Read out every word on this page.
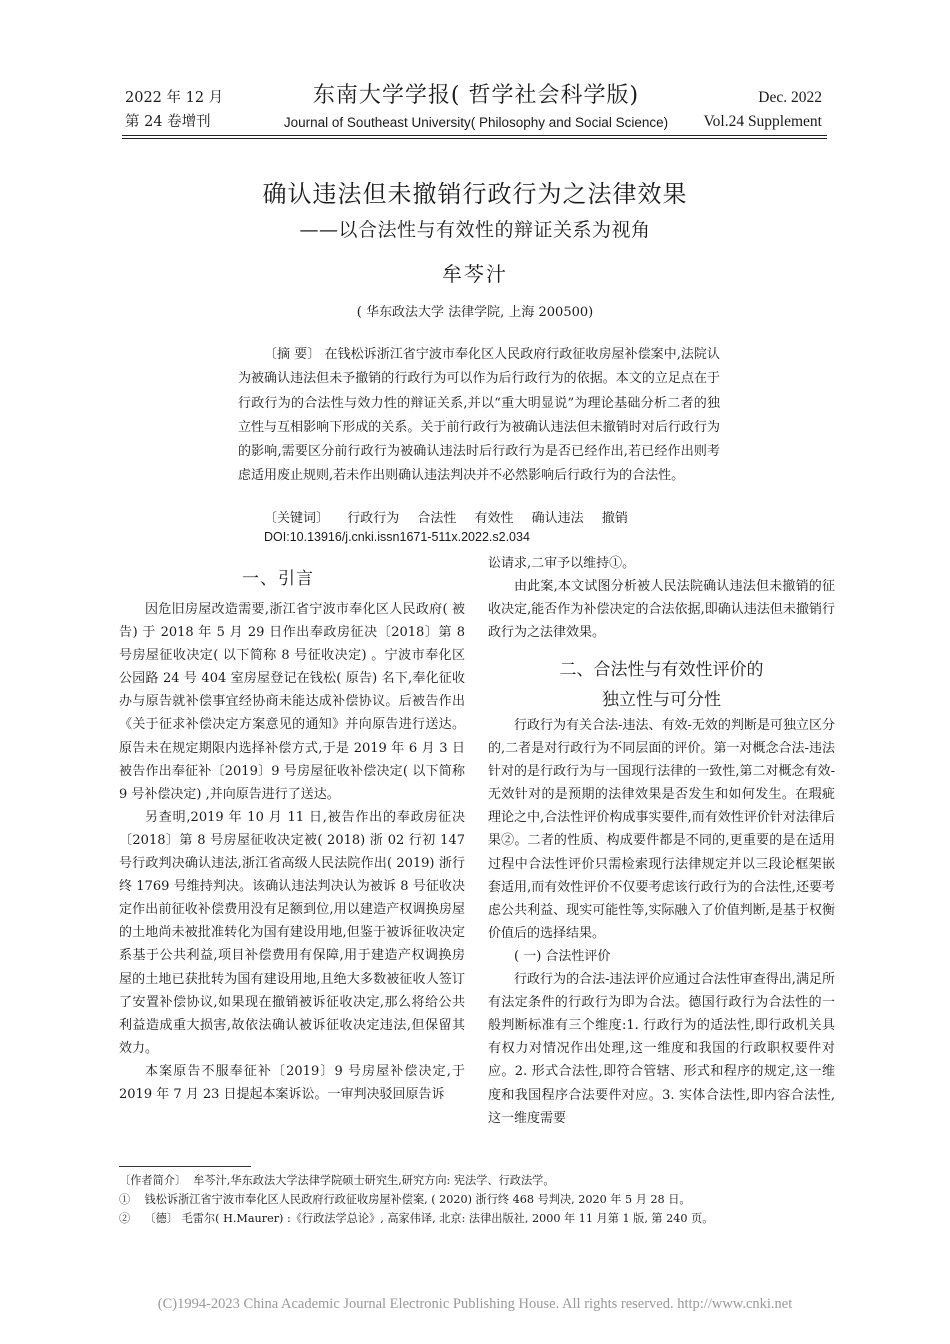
2022 年 12 月
第 24 卷增刊
东南大学学报( 哲学社会科学版)
Journal of Southeast University( Philosophy and Social Science)
Dec. 2022
Vol.24 Supplement
确认违法但未撤销行政行为之法律效果
——以合法性与有效性的辩证关系为视角
牟芩汁
( 华东政法大学 法律学院, 上海 200500)

〔摘 要〕 在钱松诉浙江省宁波市奉化区人民政府行政征收房屋补偿案中,法院认为被确认违法但未予撤销的行政行为可以作为后行政行为的依据。本文的立足点在于行政行为的合法性与效力性的辩证关系,并以“重大明显说”为理论基础分析二者的独立性与互相影响下形成的关系。关于前行政行为被确认违法但未撤销时对后行政行为的影响,需要区分前行政行为被确认违法时后行政行为是否已经作出,若已经作出则考虑适用废止规则,若未作出则确认违法判决并不必然影响后行政行为的合法性。

〔关键词〕 行政行为 合法性 有效性 确认违法 撤销
DOI:10.13916/j.cnki.issn1671-511x.2022.s2.034
一、引言

因危旧房屋改造需要,浙江省宁波市奉化区人民政府( 被告) 于 2018 年 5 月 29 日作出奉政房征决〔2018〕第 8 号房屋征收决定( 以下简称 8 号征收决定) 。宁波市奉化区公园路 24 号 404 室房屋登记在钱松( 原告) 名下,奉化征收办与原告就补偿事宜经协商未能达成补偿协议。后被告作出《关于征求补偿决定方案意见的通知》并向原告进行送达。原告未在规定期限内选择补偿方式,于是 2019 年 6 月 3 日被告作出奉征补〔2019〕9 号房屋征收补偿决定( 以下简称 9 号补偿决定) ,并向原告进行了送达。

另查明,2019 年 10 月 11 日,被告作出的奉政房征决〔2018〕第 8 号房屋征收决定被( 2018) 浙 02 行初 147 号行政判决确认违法,浙江省高级人民法院作出( 2019) 浙行终 1769 号维持判决。该确认违法判决认为被诉 8 号征收决定作出前征收补偿费用没有足额到位,用以建造产权调换房屋的土地尚未被批准转化为国有建设用地,但鉴于被诉征收决定系基于公共利益,项目补偿费用有保障,用于建造产权调换房屋的土地已获批转为国有建设用地,且绝大多数被征收人签订了安置补偿协议,如果现在撤销被诉征收决定,那么将给公共利益造成重大损害,故依法确认被诉征收决定违法,但保留其效力。

本案原告不服奉征补〔2019〕9 号房屋补偿决定,于 2019 年 7 月 23 日提起本案诉讼。一审判决驳回原告诉

讼请求,二审予以维持①。

由此案,本文试图分析被人民法院确认违法但未撤销的征收决定,能否作为补偿决定的合法依据,即确认违法但未撤销行政行为之法律效果。

二、合法性与有效性评价的
独立性与可分性

行政行为有关合法-违法、有效-无效的判断是可独立区分的,二者是对行政行为不同层面的评价。第一对概念合法-违法针对的是行政行为与一国现行法律的一致性,第二对概念有效-无效针对的是预期的法律效果是否发生和如何发生。在瑕疵理论之中,合法性评价构成事实要件,而有效性评价针对法律后果②。二者的性质、构成要件都是不同的,更重要的是在适用过程中合法性评价只需检索现行法律规定并以三段论框架嵌套适用,而有效性评价不仅要考虑该行政行为的合法性,还要考虑公共利益、现实可能性等,实际融入了价值判断,是基于权衡价值后的选择结果。

( 一) 合法性评价

行政行为的合法-违法评价应通过合法性审查得出,满足所有法定条件的行政行为即为合法。德国行政行为合法性的一般判断标准有三个维度:1. 行政行为的适法性,即行政机关具有权力对情况作出处理,这一维度和我国的行政职权要件对应。2. 形式合法性,即符合管辖、形式和程序的规定,这一维度和我国程序合法要件对应。3. 实体合法性,即内容合法性,这一维度需要

〔作者简介〕 牟芩汁,华东政法大学法律学院硕士研究生,研究方向: 宪法学、行政法学。
① 钱松诉浙江省宁波市奉化区人民政府行政征收房屋补偿案, ( 2020) 浙行终 468 号判决, 2020 年 5 月 28 日。
② 〔德〕 毛雷尔( H.Maurer) :《行政法学总论》, 高家伟译, 北京: 法律出版社, 2000 年 11 月第 1 版, 第 240 页。
(C)1994-2023 China Academic Journal Electronic Publishing House. All rights reserved. http://www.cnki.net
